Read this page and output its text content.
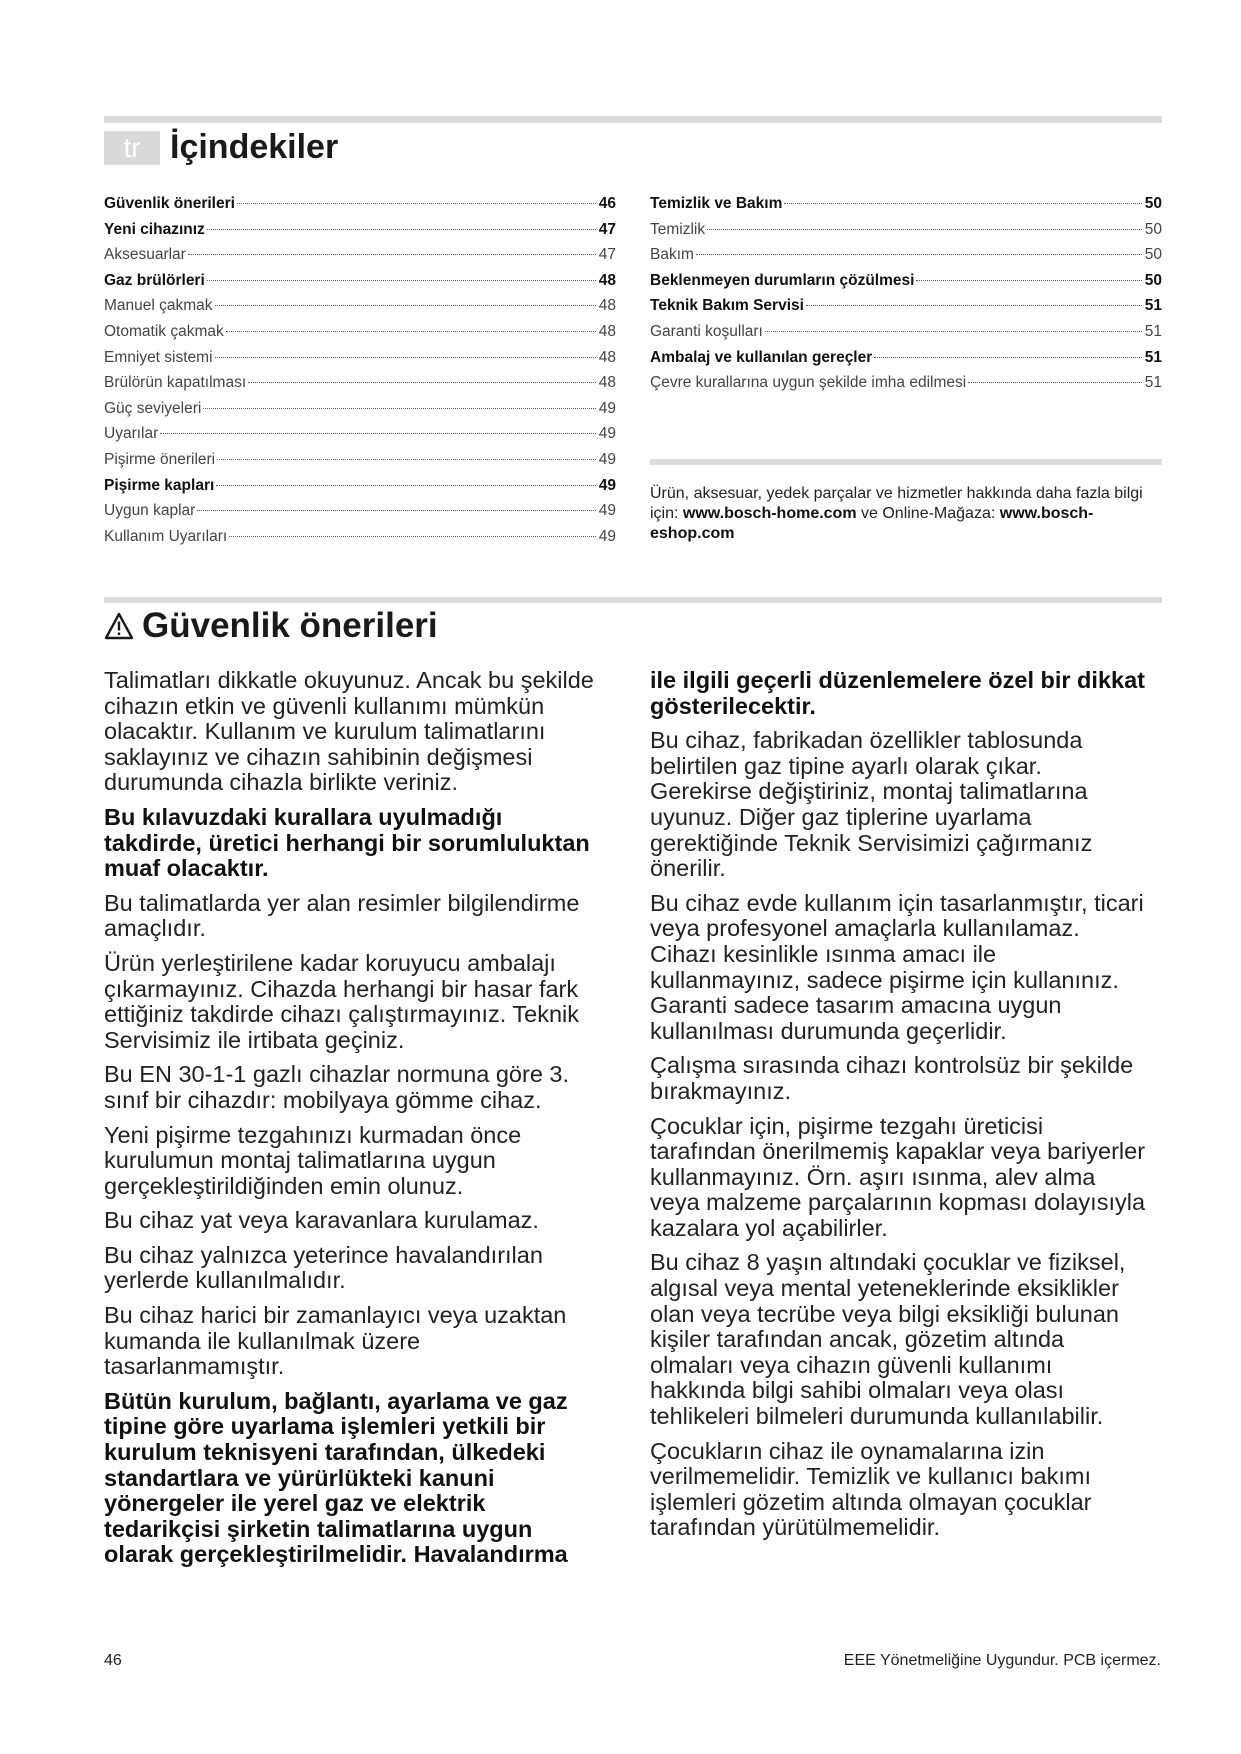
tr İçindekiler
Güvenlik önerileri	46
Yeni cihazınız	47
Aksesuarlar	47
Gaz brülörleri	48
Manuel çakmak	48
Otomatik çakmak	48
Emniyet sistemi	48
Brülörün kapatılması	48
Güç seviyeleri	49
Uyarılar	49
Pişirme önerileri	49
Pişirme kapları	49
Uygun kaplar	49
Kullanım Uyarıları	49
Temizlik ve Bakım	50
Temizlik	50
Bakım	50
Beklenmeyen durumların çözülmesi	50
Teknik Bakım Servisi	51
Garanti koşulları	51
Ambalaj ve kullanılan gereçler	51
Çevre kurallarına uygun şekilde imha edilmesi	51
Ürün, aksesuar, yedek parçalar ve hizmetler hakkında daha fazla bilgi için: www.bosch-home.com ve Online-Mağaza: www.bosch-eshop.com
Güvenlik önerileri

Talimatları dikkatle okuyunuz. Ancak bu şekilde cihazın etkin ve güvenli kullanımı mümkün olacaktır. Kullanım ve kurulum talimatlarını saklayınız ve cihazın sahibinin değişmesi durumunda cihazla birlikte veriniz.

Bu kılavuzdaki kurallara uyulmadığı takdirde, üretici herhangi bir sorumluluktan muaf olacaktır.

Bu talimatlarda yer alan resimler bilgilendirme amaçlıdır.

Ürün yerleştirilene kadar koruyucu ambalajı çıkarmayınız. Cihazda herhangi bir hasar fark ettiğiniz takdirde cihazı çalıştırmayınız. Teknik Servisimiz ile irtibata geçiniz.

Bu EN 30-1-1 gazlı cihazlar normuna göre 3. sınıf bir cihazdır: mobilyaya gömme cihaz.

Yeni pişirme tezgahınızı kurmadan önce kurulumun montaj talimatlarına uygun gerçekleştirildiğinden emin olunuz.

Bu cihaz yat veya karavanlara kurulamaz.

Bu cihaz yalnızca yeterince havalandırılan yerlerde kullanılmalıdır.

Bu cihaz harici bir zamanlayıcı veya uzaktan kumanda ile kullanılmak üzere tasarlanmamıştır.

Bütün kurulum, bağlantı, ayarlama ve gaz tipine göre uyarlama işlemleri yetkili bir kurulum teknisyeni tarafından, ülkedeki standartlara ve yürürlükteki kanuni yönergeler ile yerel gaz ve elektrik tedarikçisi şirketin talimatlarına uygun olarak gerçekleştirilmelidir. Havalandırma

ile ilgili geçerli düzenlemelere özel bir dikkat gösterilecektir.

Bu cihaz, fabrikadan özellikler tablosunda belirtilen gaz tipine ayarlı olarak çıkar. Gerekirse değiştiriniz, montaj talimatlarına uyunuz. Diğer gaz tiplerine uyarlama gerektiğinde Teknik Servisimizi çağırmanız önerilir.

Bu cihaz evde kullanım için tasarlanmıştır, ticari veya profesyonel amaçlarla kullanılamaz. Cihazı kesinlikle ısınma amacı ile kullanmayınız, sadece pişirme için kullanınız. Garanti sadece tasarım amacına uygun kullanılması durumunda geçerlidir.

Çalışma sırasında cihazı kontrolsüz bir şekilde bırakmayınız.

Çocuklar için, pişirme tezgahı üreticisi tarafından önerilmemiş kapaklar veya bariyerler kullanmayınız. Örn. aşırı ısınma, alev alma veya malzeme parçalarının kopması dolayısıyla kazalara yol açabilirler.

Bu cihaz 8 yaşın altındaki çocuklar ve fiziksel, algısal veya mental yeteneklerinde eksiklikler olan veya tecrübe veya bilgi eksikliği bulunan kişiler tarafından ancak, gözetim altında olmaları veya cihazın güvenli kullanımı hakkında bilgi sahibi olmaları veya olası tehlikeleri bilmeleri durumunda kullanılabilir.

Çocukların cihaz ile oynamalarına izin verilmemelidir. Temizlik ve kullanıcı bakımı işlemleri gözetim altında olmayan çocuklar tarafından yürütülmemelidir.

46	EEE Yönetmeliğine Uygundur. PCB içermez.
